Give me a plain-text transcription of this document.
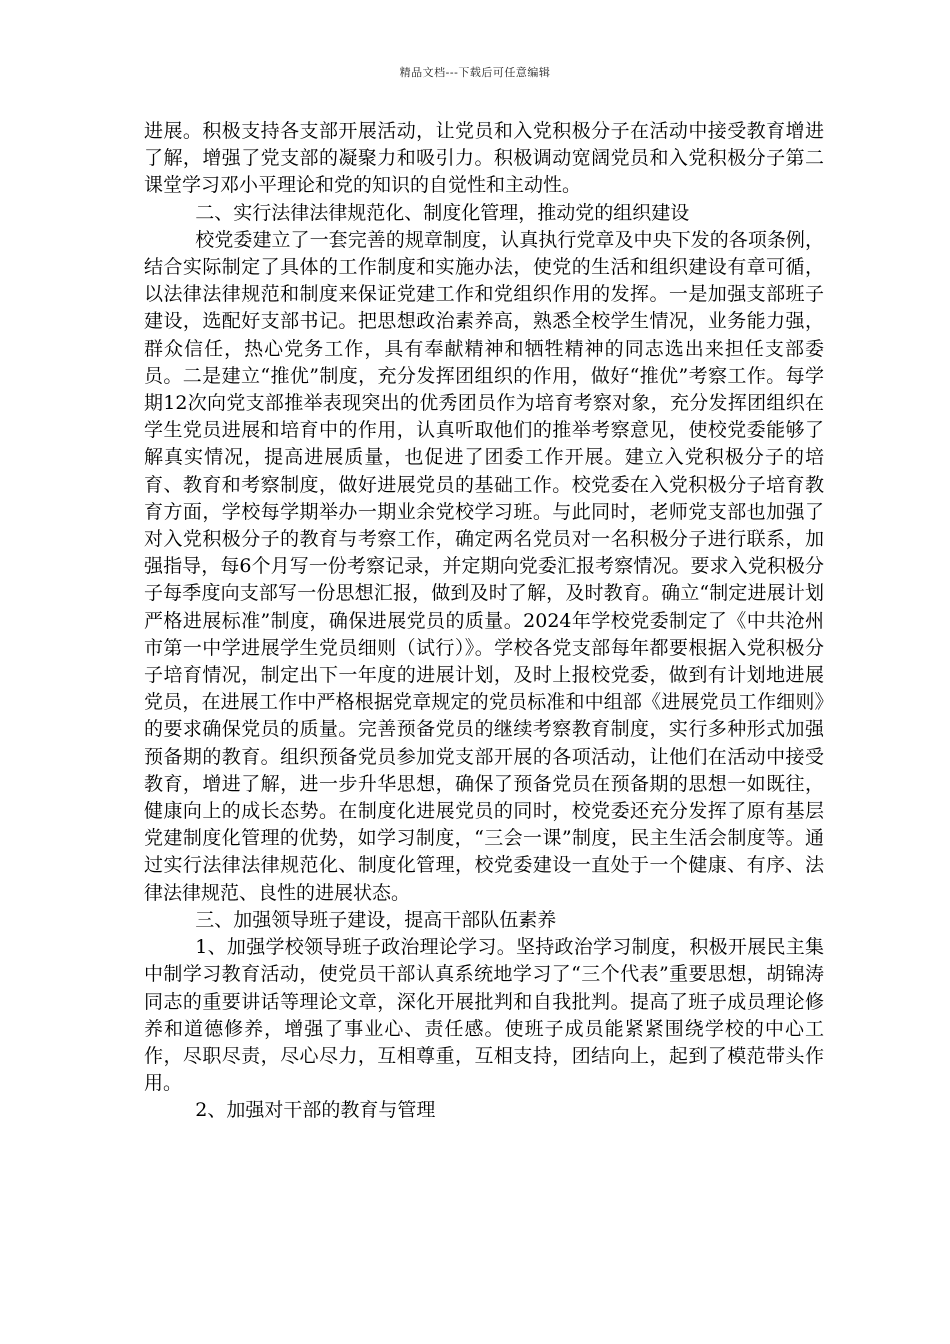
精品文档---下载后可任意编辑

进展。积极支持各支部开展活动，让党员和入党积极分子在活动中接受教育增进了解，增强了党支部的凝聚力和吸引力。积极调动宽阔党员和入党积极分子第二课堂学习邓小平理论和党的知识的自觉性和主动性。

二、实行法律法律规范化、制度化管理，推动党的组织建设

校党委建立了一套完善的规章制度，认真执行党章及中央下发的各项条例，结合实际制定了具体的工作制度和实施办法，使党的生活和组织建设有章可循，以法律法律规范和制度来保证党建工作和党组织作用的发挥。一是加强支部班子建设，选配好支部书记。把思想政治素养高，熟悉全校学生情况，业务能力强，群众信任，热心党务工作，具有奉献精神和牺牲精神的同志选出来担任支部委员。二是建立“推优”制度，充分发挥团组织的作用，做好“推优”考察工作。每学期12次向党支部推举表现突出的优秀团员作为培育考察对象，充分发挥团组织在学生党员进展和培育中的作用，认真听取他们的推举考察意见，使校党委能够了解真实情况，提高进展质量，也促进了团委工作开展。建立入党积极分子的培育、教育和考察制度，做好进展党员的基础工作。校党委在入党积极分子培育教育方面，学校每学期举办一期业余党校学习班。与此同时，老师党支部也加强了对入党积极分子的教育与考察工作，确定两名党员对一名积极分子进行联系，加强指导，每6个月写一份考察记录，并定期向党委汇报考察情况。要求入党积极分子每季度向支部写一份思想汇报，做到及时了解，及时教育。确立“制定进展计划严格进展标准”制度，确保进展党员的质量。2024年学校党委制定了《中共沧州市第一中学进展学生党员细则（试行）》。学校各党支部每年都要根据入党积极分子培育情况，制定出下一年度的进展计划，及时上报校党委，做到有计划地进展党员，在进展工作中严格根据党章规定的党员标准和中组部《进展党员工作细则》的要求确保党员的质量。完善预备党员的继续考察教育制度，实行多种形式加强预备期的教育。组织预备党员参加党支部开展的各项活动，让他们在活动中接受教育，增进了解，进一步升华思想，确保了预备党员在预备期的思想一如既往，健康向上的成长态势。在制度化进展党员的同时，校党委还充分发挥了原有基层党建制度化管理的优势，如学习制度，“三会一课”制度，民主生活会制度等。通过实行法律法律规范化、制度化管理，校党委建设一直处于一个健康、有序、法律法律规范、良性的进展状态。

三、加强领导班子建设，提高干部队伍素养

1、加强学校领导班子政治理论学习。坚持政治学习制度，积极开展民主集中制学习教育活动，使党员干部认真系统地学习了“三个代表”重要思想，胡锦涛同志的重要讲话等理论文章，深化开展批判和自我批判。提高了班子成员理论修养和道德修养，增强了事业心、责任感。使班子成员能紧紧围绕学校的中心工作，尽职尽责，尽心尽力，互相尊重，互相支持，团结向上，起到了模范带头作用。

2、加强对干部的教育与管理
